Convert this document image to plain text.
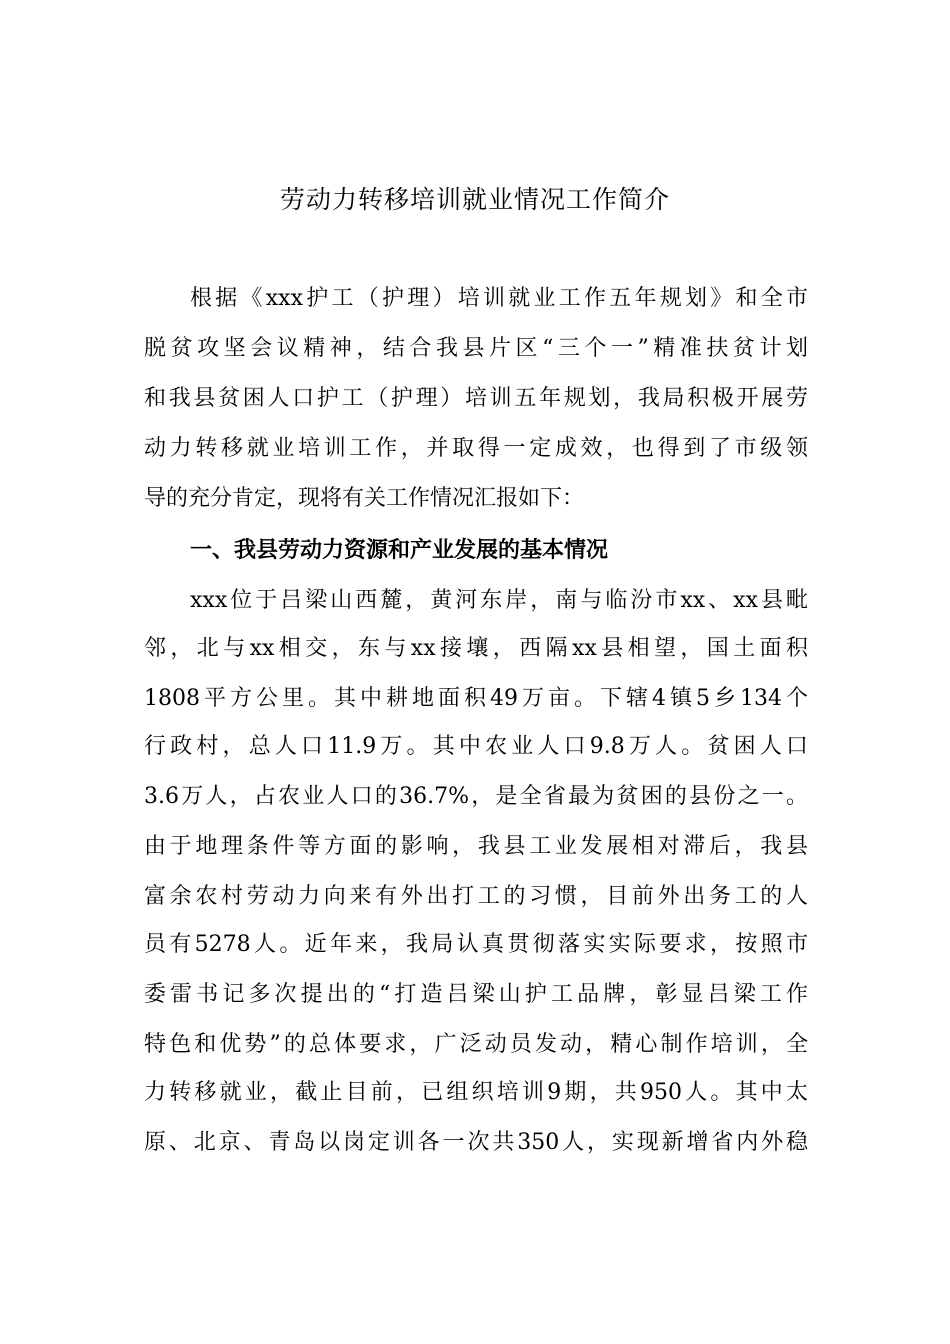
劳动力转移培训就业情况工作简介
根据《xxx护工（护理）培训就业工作五年规划》和全市
脱贫攻坚会议精神，结合我县片区“三个一”精准扶贫计划
和我县贫困人口护工（护理）培训五年规划，我局积极开展劳
动力转移就业培训工作，并取得一定成效，也得到了市级领
导的充分肯定，现将有关工作情况汇报如下：
一、我县劳动力资源和产业发展的基本情况
xxx位于吕梁山西麓，黄河东岸，南与临汾市xx、xx县毗
邻，北与xx相交，东与xx接壤，西隔xx县相望，国土面积
1808平方公里。其中耕地面积49万亩。下辖4镇5乡134个
行政村，总人口11.9万。其中农业人口9.8万人。贫困人口
3.6万人，占农业人口的36.7%，是全省最为贫困的县份之一。
由于地理条件等方面的影响，我县工业发展相对滞后，我县
富余农村劳动力向来有外出打工的习惯，目前外出务工的人
员有5278人。近年来，我局认真贯彻落实实际要求，按照市
委雷书记多次提出的“打造吕梁山护工品牌，彰显吕梁工作
特色和优势”的总体要求，广泛动员发动，精心制作培训，全
力转移就业，截止目前，已组织培训9期，共950人。其中太
原、北京、青岛以岗定训各一次共350人，实现新增省内外稳
